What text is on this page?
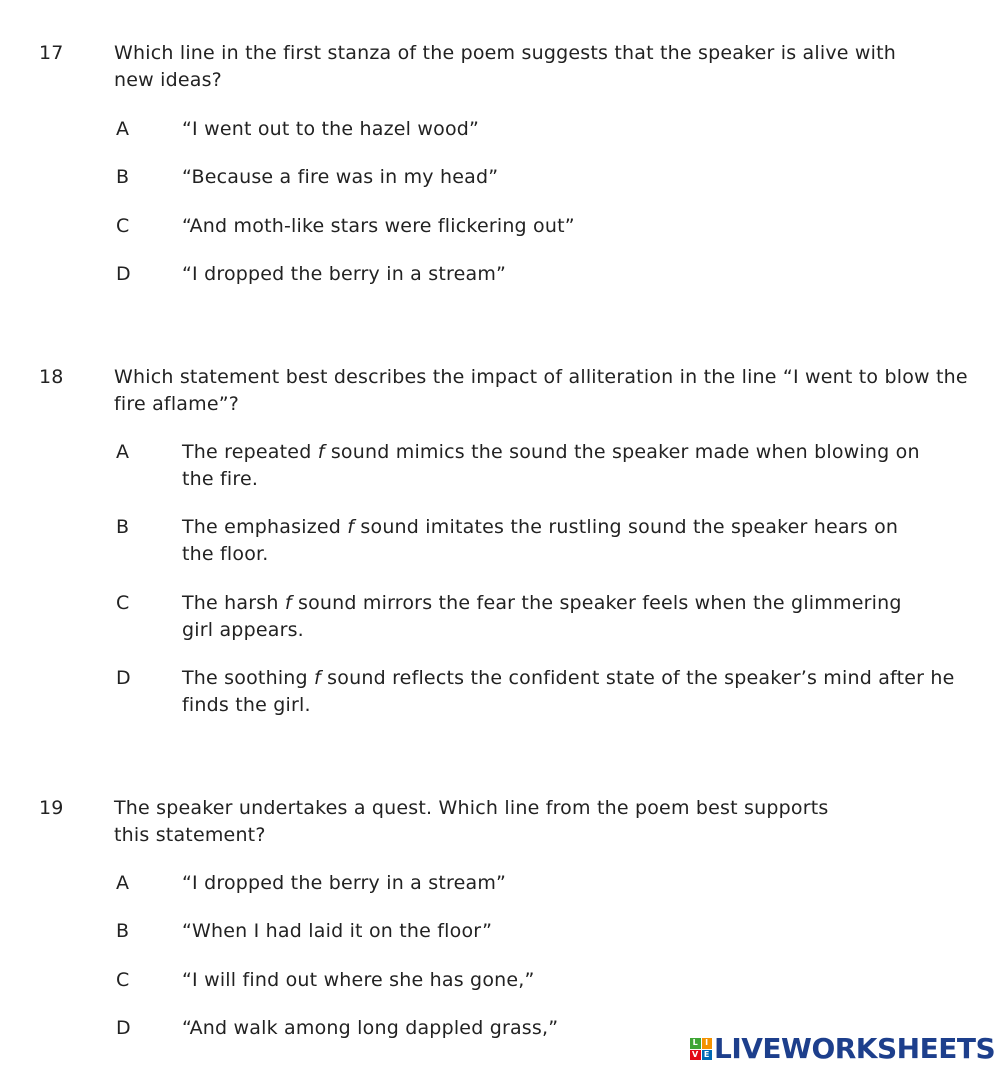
17	Which line in the first stanza of the poem suggests that the speaker is alive with
new ideas?
A	“I went out to the hazel wood”
B	“Because a fire was in my head”
C	“And moth-like stars were flickering out”
D	“I dropped the berry in a stream”
18	Which statement best describes the impact of alliteration in the line “I went to blow the
fire aflame”?
A	The repeated f sound mimics the sound the speaker made when blowing on
the fire.
B	The emphasized f sound imitates the rustling sound the speaker hears on
the floor.
C	The harsh f sound mirrors the fear the speaker feels when the glimmering
girl appears.
D	The soothing f sound reflects the confident state of the speaker’s mind after he
finds the girl.
19	The speaker undertakes a quest. Which line from the poem best supports
this statement?
A	“I dropped the berry in a stream”
B	“When I had laid it on the floor”
C	“I will find out where she has gone,”
D	“And walk among long dappled grass,”
L I
V E LIVEWORKSHEETS
